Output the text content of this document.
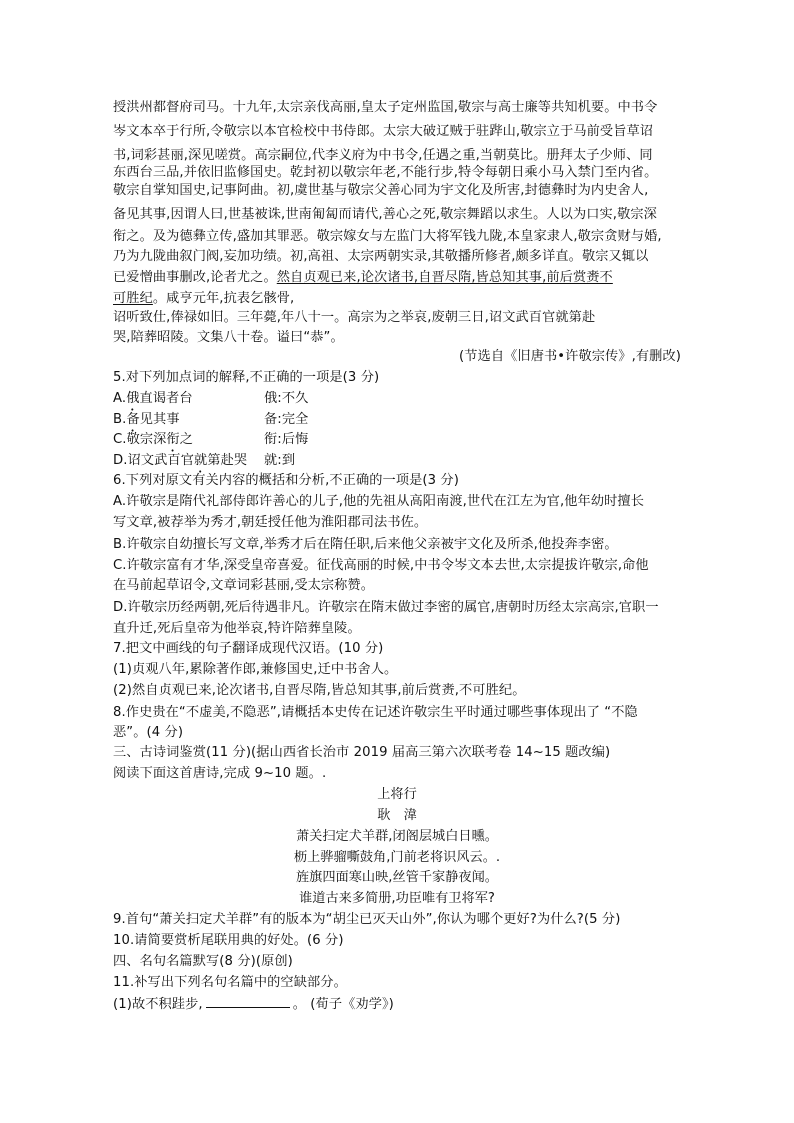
授洪州都督府司马。十九年,太宗亲伐高丽,皇太子定州监国,敬宗与高士廉等共知机要。中书令
岑文本卒于行所,令敬宗以本官检校中书侍郎。太宗大破辽贼于驻跸山,敬宗立于马前受旨草诏
书,词彩甚丽,深见嗟赏。高宗嗣位,代李义府为中书令,任遇之重,当朝莫比。册拜太子少师、同
东西台三品,并依旧监修国史。乾封初以敬宗年老,不能行步,特令每朝日乘小马入禁门至内省。
敬宗自掌知国史,记事阿曲。初,虞世基与敬宗父善心同为宇文化及所害,封德彝时为内史舍人,
备见其事,因谓人曰,世基被诛,世南匍匐而请代,善心之死,敬宗舞蹈以求生。人以为口实,敬宗深
衔之。及为德彝立传,盛加其罪恶。敬宗嫁女与左监门大将军钱九陇,本皇家隶人,敬宗贪财与婚,
乃为九陇曲叙门阀,妄加功绩。初,高祖、太宗两朝实录,其敬播所修者,颇多详直。敬宗又辄以
已爱憎曲事删改,论者尤之。然自贞观已来,论次诸书,自晋尽隋,皆总知其事,前后赏赉不
可胜纪。咸亨元年,抗表乞骸骨,
诏听致仕,俸禄如旧。三年薨,年八十一。高宗为之举哀,废朝三日,诏文武百官就第赴
哭,陪葬昭陵。文集八十卷。谥曰“恭”。
(节选自《旧唐书•许敬宗传》,有删改)
5.对下列加点词的解释,不正确的一项是(3 分)
A.俄直谒者台	俄:不久
B.备见其事	备:完全
C.敬宗深衔之	衔:后悔
D.诏文武百官就第赴哭 就:到
6.下列对原文有关内容的概括和分析,不正确的一项是(3 分)
A.许敬宗是隋代礼部侍郎许善心的儿子,他的先祖从高阳南渡,世代在江左为官,他年幼时擅长
写文章,被荐举为秀才,朝廷授任他为淮阳郡司法书佐。
B.许敬宗自幼擅长写文章,举秀才后在隋任职,后来他父亲被宇文化及所杀,他投奔李密。
C.许敬宗富有才华,深受皇帝喜爱。征伐高丽的时候,中书令岑文本去世,太宗提拔许敬宗,命他
在马前起草诏令,文章词彩甚丽,受太宗称赞。
D.许敬宗历经两朝,死后待遇非凡。许敬宗在隋末做过李密的属官,唐朝时历经太宗高宗,官职一
直升迁,死后皇帝为他举哀,特许陪葬皇陵。
7.把文中画线的句子翻译成现代汉语。(10 分)
(1)贞观八年,累除著作郎,兼修国史,迁中书舍人。
(2)然自贞观已来,论次诸书,自晋尽隋,皆总知其事,前后赏赉,不可胜纪。
8.作史贵在“不虚美,不隐恶”,请概括本史传在记述许敬宗生平时通过哪些事体现出了 “不隐
恶”。(4 分)
三、古诗词鉴赏(11 分)(据山西省长治市 2019 届高三第六次联考卷 14~15 题改编)
阅读下面这首唐诗,完成 9~10 题。.
上将行
耿　湋
萧关扫定犬羊群,闭阁层城白日曛。
枥上骅骝嘶鼓角,门前老将识风云。.
旌旗四面寒山映,丝管千家静夜闻。
谁道古来多简册,功臣唯有卫将军?
9.首句“萧关扫定犬羊群”有的版本为“胡尘已灭天山外”,你认为哪个更好?为什么?(5 分)
10.请简要赏析尾联用典的好处。(6 分)
四、名句名篇默写(8 分)(原创)
11.补写出下列名句名篇中的空缺部分。
(1)故不积跬步,	。 (荀子《劝学》)
